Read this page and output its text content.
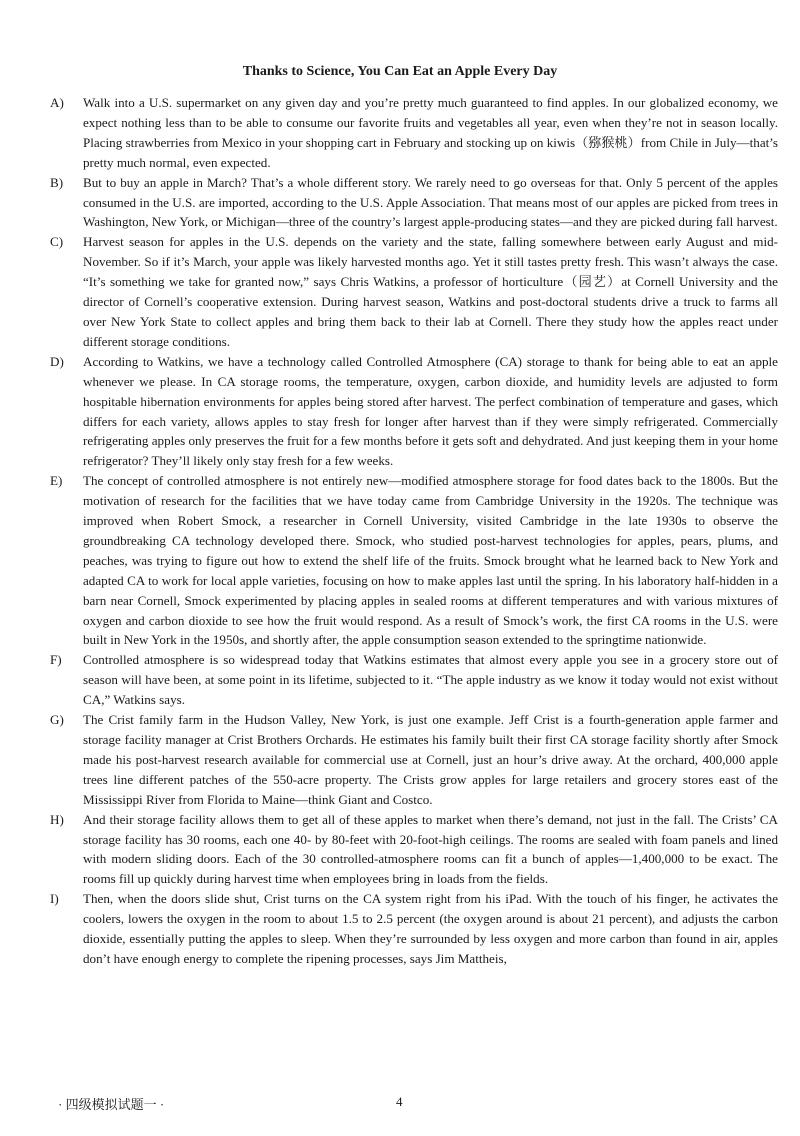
Thanks to Science, You Can Eat an Apple Every Day
A)	Walk into a U.S. supermarket on any given day and you’re pretty much guaranteed to find apples. In our globalized economy, we expect nothing less than to be able to consume our favorite fruits and vegetables all year, even when they’re not in season locally. Placing strawberries from Mexico in your shopping cart in February and stocking up on kiwis（猕猴桃）from Chile in July—that’s pretty much normal, even expected.
B)	But to buy an apple in March? That’s a whole different story. We rarely need to go overseas for that. Only 5 percent of the apples consumed in the U.S. are imported, according to the U.S. Apple Association. That means most of our apples are picked from trees in Washington, New York, or Michigan—three of the country’s largest apple-producing states—and they are picked during fall harvest.
C)	Harvest season for apples in the U.S. depends on the variety and the state, falling somewhere between early August and mid-November. So if it’s March, your apple was likely harvested months ago. Yet it still tastes pretty fresh. This wasn’t always the case. “It’s something we take for granted now,” says Chris Watkins, a professor of horticulture（园艺）at Cornell University and the director of Cornell’s cooperative extension. During harvest season, Watkins and post-doctoral students drive a truck to farms all over New York State to collect apples and bring them back to their lab at Cornell. There they study how the apples react under different storage conditions.
D)	According to Watkins, we have a technology called Controlled Atmosphere (CA) storage to thank for being able to eat an apple whenever we please. In CA storage rooms, the temperature, oxygen, carbon dioxide, and humidity levels are adjusted to form hospitable hibernation environments for apples being stored after harvest. The perfect combination of temperature and gases, which differs for each variety, allows apples to stay fresh for longer after harvest than if they were simply refrigerated. Commercially refrigerating apples only preserves the fruit for a few months before it gets soft and dehydrated. And just keeping them in your home refrigerator? They’ll likely only stay fresh for a few weeks.
E)	The concept of controlled atmosphere is not entirely new—modified atmosphere storage for food dates back to the 1800s. But the motivation of research for the facilities that we have today came from Cambridge University in the 1920s. The technique was improved when Robert Smock, a researcher in Cornell University, visited Cambridge in the late 1930s to observe the groundbreaking CA technology developed there. Smock, who studied post-harvest technologies for apples, pears, plums, and peaches, was trying to figure out how to extend the shelf life of the fruits. Smock brought what he learned back to New York and adapted CA to work for local apple varieties, focusing on how to make apples last until the spring. In his laboratory half-hidden in a barn near Cornell, Smock experimented by placing apples in sealed rooms at different temperatures and with various mixtures of oxygen and carbon dioxide to see how the fruit would respond. As a result of Smock’s work, the first CA rooms in the U.S. were built in New York in the 1950s, and shortly after, the apple consumption season extended to the springtime nationwide.
F)	Controlled atmosphere is so widespread today that Watkins estimates that almost every apple you see in a grocery store out of season will have been, at some point in its lifetime, subjected to it. “The apple industry as we know it today would not exist without CA,” Watkins says.
G)	The Crist family farm in the Hudson Valley, New York, is just one example. Jeff Crist is a fourth-generation apple farmer and storage facility manager at Crist Brothers Orchards. He estimates his family built their first CA storage facility shortly after Smock made his post-harvest research available for commercial use at Cornell, just an hour’s drive away. At the orchard, 400,000 apple trees line different patches of the 550-acre property. The Crists grow apples for large retailers and grocery stores east of the Mississippi River from Florida to Maine—think Giant and Costco.
H)	And their storage facility allows them to get all of these apples to market when there’s demand, not just in the fall. The Crists’ CA storage facility has 30 rooms, each one 40- by 80-feet with 20-foot-high ceilings. The rooms are sealed with foam panels and lined with modern sliding doors. Each of the 30 controlled-atmosphere rooms can fit a bunch of apples—1,400,000 to be exact. The rooms fill up quickly during harvest time when employees bring in loads from the fields.
I)	Then, when the doors slide shut, Crist turns on the CA system right from his iPad. With the touch of his finger, he activates the coolers, lowers the oxygen in the room to about 1.5 to 2.5 percent (the oxygen around is about 21 percent), and adjusts the carbon dioxide, essentially putting the apples to sleep. When they’re surrounded by less oxygen and more carbon than found in air, apples don’t have enough energy to complete the ripening processes, says Jim Mattheis,
· 四级模拟试题一 ·	4
